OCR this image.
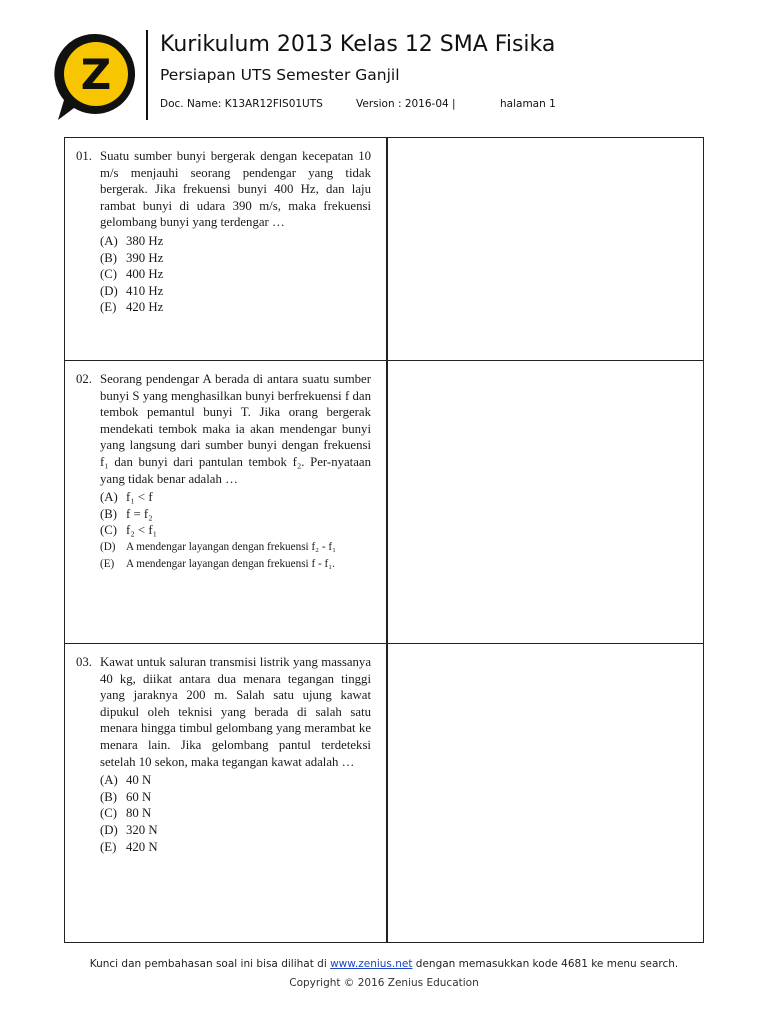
Z
Kurikulum 2013 Kelas 12 SMA Fisika
Persiapan UTS Semester Ganjil
Doc. Name: K13AR12FIS01UTS	Version : 2016-04 |	halaman 1
01. Suatu sumber bunyi bergerak dengan kecepatan 10 m/s menjauhi seorang pendengar yang tidak bergerak. Jika frekuensi bunyi 400 Hz, dan laju rambat bunyi di udara 390 m/s, maka frekuensi gelombang bunyi yang terdengar …
(A) 380 Hz
(B) 390 Hz
(C) 400 Hz
(D) 410 Hz
(E) 420 Hz
02. Seorang pendengar A berada di antara suatu sumber bunyi S yang menghasilkan bunyi berfrekuensi f dan tembok pemantul bunyi T. Jika orang bergerak mendekati tembok maka ia akan mendengar bunyi yang langsung dari sumber bunyi dengan frekuensi f₁ dan bunyi dari pantulan tembok f₂. Per-nyataan yang tidak benar adalah …
(A) f₁ < f
(B) f = f₂
(C) f₂ < f₁
(D) A mendengar layangan dengan frekuensi f₂ - f₁
(E)	A mendengar layangan dengan frekuensi f - f₁.
03. Kawat untuk saluran transmisi listrik yang massanya 40 kg, diikat antara dua menara tegangan tinggi yang jaraknya 200 m. Salah satu ujung kawat dipukul oleh teknisi yang berada di salah satu menara hingga timbul gelombang yang merambat ke menara lain. Jika gelombang pantul terdeteksi setelah 10 sekon, maka tegangan kawat adalah …
(A) 40 N
(B) 60 N
(C) 80 N
(D) 320 N
(E) 420 N
Kunci dan pembahasan soal ini bisa dilihat di www.zenius.net dengan memasukkan kode 4681 ke menu search.
Copyright © 2016 Zenius Education
